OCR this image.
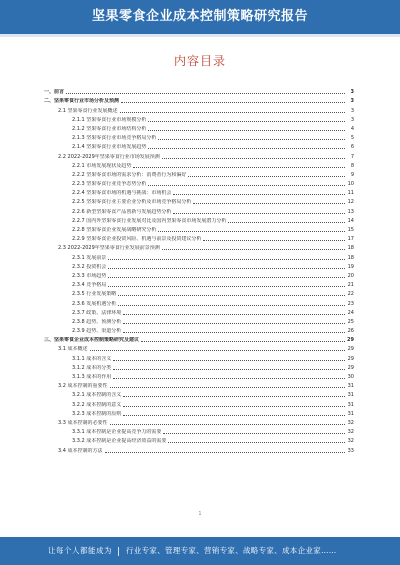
坚果零食企业成本控制策略研究报告
内容目录
一、前言	3
二、坚果零食行业市场分析及预测	3
2.1 坚果零食行业发展概述	3
2.1.1 坚果零食行业市场规模分析	3
2.1.2 坚果零食行业市场结构分析	4
2.1.3 坚果零食行业市场竞争格局分析	5
2.1.4 坚果零食行业市场发展趋势	6
2.2 2022-2029年坚果零食行业市场发展预测	7
2.2.1 市场发展现状及趋势	8
2.2.2 坚果零食市场的需求分析：消费者行为和偏好	9
2.2.3 坚果零食行业竞争态势分析	10
2.2.4 坚果零食市场的机遇与挑战：市场机会	11
2.2.5 坚果零食行业主要企业分析及市场竞争格局分析	12
2.2.6 新型坚果零食产品创新与发展趋势分析	13
2.2.7 国内外坚果零食行业发展对比及国内坚果零食市场发展潜力分析	14
2.2.8 坚果零食企业发展战略研究分析	15
2.2.9 坚果零食企业投资风险、机遇与前景及投资建议分析	17
2.3 2022-2029年坚果零食行业发展前景预测	18
2.3.1 发展前景	18
2.3.2 投资机会	19
2.3.3 市场趋势	20
2.3.4 竞争格局	21
2.3.5 行业发展策略	22
2.3.6 发展机遇分析	23
2.3.7 政策、法律环境	24
2.3.8 趋势、预测分析	25
2.3.9 趋势、渠道分析	26
三、坚果零食企业成本控制策略研究及建议	29
3.1 成本概述	29
3.1.1 成本的含义	29
3.1.2 成本的分类	29
3.1.3 成本的作用	30
3.2 成本控制的重要性	31
3.2.1 成本控制的含义	31
3.2.2 成本控制的意义	31
3.2.3 成本控制的原则	31
3.3 成本控制的必要性	32
3.3.1 成本控制是企业提高竞争力的需要	32
3.3.2 成本控制是企业提高经济效益的需要	32
3.4 成本控制的方法	33
1
让每个人都能成为 行业专家、管理专家、营销专家、战略专家、成本企业家……
